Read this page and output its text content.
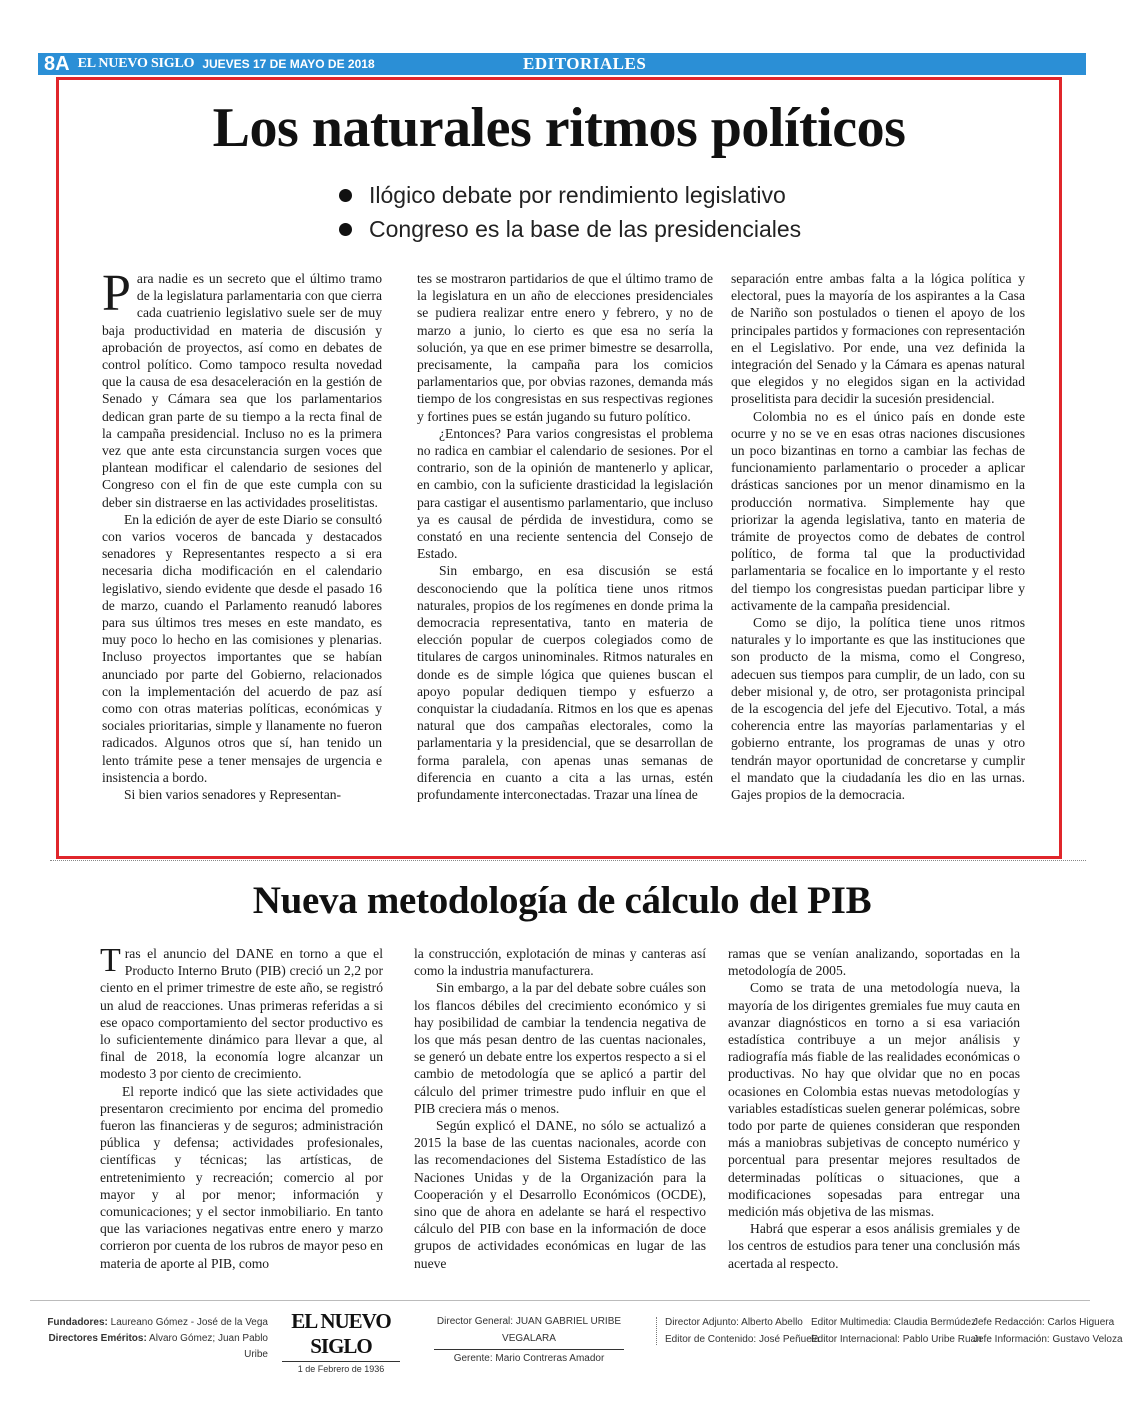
8A EL NUEVO SIGLO JUEVES 17 DE MAYO DE 2018	EDITORIALES
Los naturales ritmos políticos
Ilógico debate por rendimiento legislativo
Congreso es la base de las presidenciales

Para nadie es un secreto que el último tramo de la legislatura parlamentaria con que cierra cada cuatrienio legislativo suele ser de muy baja productividad en materia de discusión y aprobación de proyectos, así como en debates de control político. Como tampoco resulta novedad que la causa de esa desaceleración en la gestión de Senado y Cámara sea que los parlamentarios dedican gran parte de su tiempo a la recta final de la campaña presidencial. Incluso no es la primera vez que ante esta circunstancia surgen voces que plantean modificar el calendario de sesiones del Congreso con el fin de que este cumpla con su deber sin distraerse en las actividades proselitistas.

En la edición de ayer de este Diario se consultó con varios voceros de bancada y destacados senadores y Representantes respecto a si era necesaria dicha modificación en el calendario legislativo, siendo evidente que desde el pasado 16 de marzo, cuando el Parlamento reanudó labores para sus últimos tres meses en este mandato, es muy poco lo hecho en las comisiones y plenarias. Incluso proyectos importantes que se habían anunciado por parte del Gobierno, relacionados con la implementación del acuerdo de paz así como con otras materias políticas, económicas y sociales prioritarias, simple y llanamente no fueron radicados. Algunos otros que sí, han tenido un lento trámite pese a tener mensajes de urgencia e insistencia a bordo.

Si bien varios senadores y Representan-

tes se mostraron partidarios de que el último tramo de la legislatura en un año de elecciones presidenciales se pudiera realizar entre enero y febrero, y no de marzo a junio, lo cierto es que esa no sería la solución, ya que en ese primer bimestre se desarrolla, precisamente, la campaña para los comicios parlamentarios que, por obvias razones, demanda más tiempo de los congresistas en sus respectivas regiones y fortines pues se están jugando su futuro político.

¿Entonces? Para varios congresistas el problema no radica en cambiar el calendario de sesiones. Por el contrario, son de la opinión de mantenerlo y aplicar, en cambio, con la suficiente drasticidad la legislación para castigar el ausentismo parlamentario, que incluso ya es causal de pérdida de investidura, como se constató en una reciente sentencia del Consejo de Estado.

Sin embargo, en esa discusión se está desconociendo que la política tiene unos ritmos naturales, propios de los regímenes en donde prima la democracia representativa, tanto en materia de elección popular de cuerpos colegiados como de titulares de cargos uninominales. Ritmos naturales en donde es de simple lógica que quienes buscan el apoyo popular dediquen tiempo y esfuerzo a conquistar la ciudadanía. Ritmos en los que es apenas natural que dos campañas electorales, como la parlamentaria y la presidencial, que se desarrollan de forma paralela, con apenas unas semanas de diferencia en cuanto a cita a las urnas, estén profundamente interconectadas. Trazar una línea de

separación entre ambas falta a la lógica política y electoral, pues la mayoría de los aspirantes a la Casa de Nariño son postulados o tienen el apoyo de los principales partidos y formaciones con representación en el Legislativo. Por ende, una vez definida la integración del Senado y la Cámara es apenas natural que elegidos y no elegidos sigan en la actividad proselitista para decidir la sucesión presidencial.

Colombia no es el único país en donde este ocurre y no se ve en esas otras naciones discusiones un poco bizantinas en torno a cambiar las fechas de funcionamiento parlamentario o proceder a aplicar drásticas sanciones por un menor dinamismo en la producción normativa. Simplemente hay que priorizar la agenda legislativa, tanto en materia de trámite de proyectos como de debates de control político, de forma tal que la productividad parlamentaria se focalice en lo importante y el resto del tiempo los congresistas puedan participar libre y activamente de la campaña presidencial.

Como se dijo, la política tiene unos ritmos naturales y lo importante es que las instituciones que son producto de la misma, como el Congreso, adecuen sus tiempos para cumplir, de un lado, con su deber misional y, de otro, ser protagonista principal de la escogencia del jefe del Ejecutivo. Total, a más coherencia entre las mayorías parlamentarias y el gobierno entrante, los programas de unas y otro tendrán mayor oportunidad de concretarse y cumplir el mandato que la ciudadanía les dio en las urnas. Gajes propios de la democracia.

Nueva metodología de cálculo del PIB

Tras el anuncio del DANE en torno a que el Producto Interno Bruto (PIB) creció un 2,2 por ciento en el primer trimestre de este año, se registró un alud de reacciones. Unas primeras referidas a si ese opaco comportamiento del sector productivo es lo suficientemente dinámico para llevar a que, al final de 2018, la economía logre alcanzar un modesto 3 por ciento de crecimiento.

El reporte indicó que las siete actividades que presentaron crecimiento por encima del promedio fueron las financieras y de seguros; administración pública y defensa; actividades profesionales, científicas y técnicas; las artísticas, de entretenimiento y recreación; comercio al por mayor y al por menor; información y comunicaciones; y el sector inmobiliario. En tanto que las variaciones negativas entre enero y marzo corrieron por cuenta de los rubros de mayor peso en materia de aporte al PIB, como

la construcción, explotación de minas y canteras así como la industria manufacturera.

Sin embargo, a la par del debate sobre cuáles son los flancos débiles del crecimiento económico y si hay posibilidad de cambiar la tendencia negativa de los que más pesan dentro de las cuentas nacionales, se generó un debate entre los expertos respecto a si el cambio de metodología que se aplicó a partir del cálculo del primer trimestre pudo influir en que el PIB creciera más o menos.

Según explicó el DANE, no sólo se actualizó a 2015 la base de las cuentas nacionales, acorde con las recomendaciones del Sistema Estadístico de las Naciones Unidas y de la Organización para la Cooperación y el Desarrollo Económicos (OCDE), sino que de ahora en adelante se hará el respectivo cálculo del PIB con base en la información de doce grupos de actividades económicas en lugar de las nueve

ramas que se venían analizando, soportadas en la metodología de 2005.

Como se trata de una metodología nueva, la mayoría de los dirigentes gremiales fue muy cauta en avanzar diagnósticos en torno a si esa variación estadística contribuye a un mejor análisis y radiografía más fiable de las realidades económicas o productivas. No hay que olvidar que no en pocas ocasiones en Colombia estas nuevas metodologías y variables estadísticas suelen generar polémicas, sobre todo por parte de quienes consideran que responden más a maniobras subjetivas de concepto numérico y porcentual para presentar mejores resultados de determinadas políticas o situaciones, que a modificaciones sopesadas para entregar una medición más objetiva de las mismas.

Habrá que esperar a esos análisis gremiales y de los centros de estudios para tener una conclusión más acertada al respecto.

Fundadores: Laureano Gómez - José de la Vega
Directores Eméritos: Alvaro Gómez; Juan Pablo Uribe
EL NUEVO SIGLO
1 de Febrero de 1936
Director General: JUAN GABRIEL URIBE VEGALARA
Gerente: Mario Contreras Amador
Director Adjunto: Alberto Abello Editor Multimedia: Claudia Bermúdez
Jefe Redacción: Carlos Higuera
Editor de Contenido: José Peñuela
Editor Internacional: Pablo Uribe Ruan
Jefe Información: Gustavo Veloza
